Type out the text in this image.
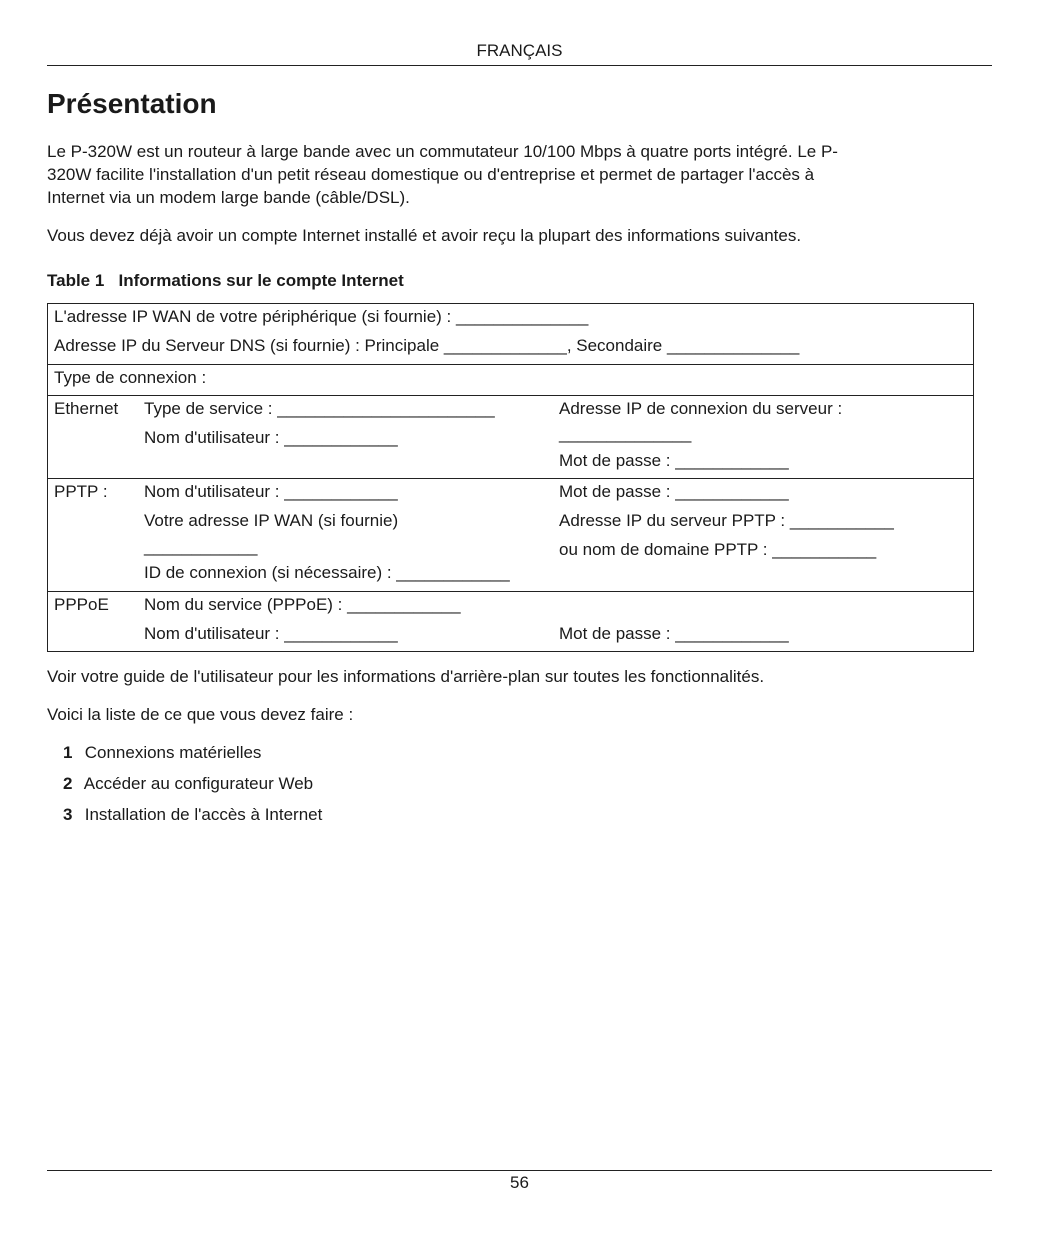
FRANÇAIS
Présentation
Le P-320W est un routeur à large bande avec un commutateur 10/100 Mbps à quatre ports intégré. Le P-
320W facilite l'installation d'un petit réseau domestique ou d'entreprise et permet de partager l'accès à
Internet via un modem large bande (câble/DSL).

Vous devez déjà avoir un compte Internet installé et avoir reçu la plupart des informations suivantes.

Table 1   Informations sur le compte Internet
L'adresse IP WAN de votre périphérique (si fournie) : ______________
Adresse IP du Serveur DNS (si fournie) : Principale _____________, Secondaire ______________
Type de connexion :
Ethernet Type de service : _______________________
Nom d'utilisateur : ____________
Adresse IP de connexion du serveur :
______________
Mot de passe : ____________
PPTP : Nom d'utilisateur : ____________
Votre adresse IP WAN (si fournie)
____________
ID de connexion (si nécessaire) : ____________
Mot de passe : ____________
Adresse IP du serveur PPTP : ___________
ou nom de domaine PPTP : ___________
PPPoE Nom du service (PPPoE) : ____________
Nom d'utilisateur : ____________	Mot de passe : ____________

Voir votre guide de l'utilisateur pour les informations d'arrière-plan sur toutes les fonctionnalités.

Voici la liste de ce que vous devez faire :

1 Connexions matérielles
2 Accéder au configurateur Web
3 Installation de l'accès à Internet
56
